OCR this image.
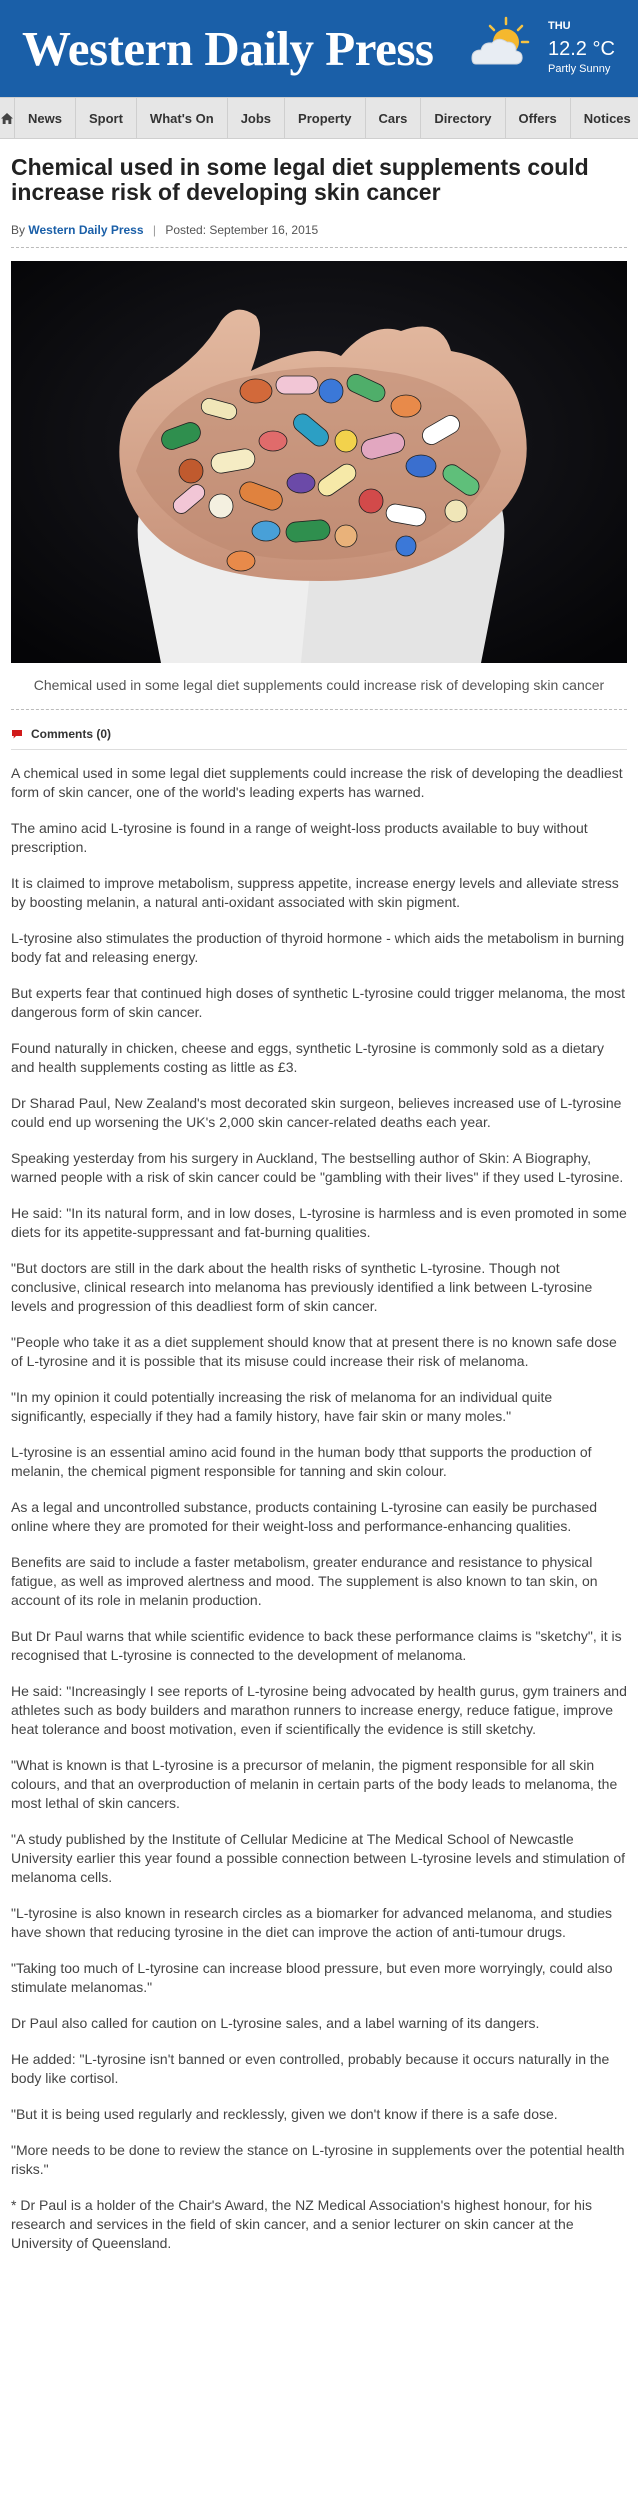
Western Daily Press	THU
12.2 °C
Partly Sunny
News	Sport	What's On	Jobs	Property	Cars	Directory	Offers	Notices
Chemical used in some legal diet supplements could increase risk of developing skin cancer
By Western Daily Press | Posted: September 16, 2015
Chemical used in some legal diet supplements could increase risk of developing skin cancer
Comments (0)

A chemical used in some legal diet supplements could increase the risk of developing the deadliest form of skin cancer, one of the world's leading experts has warned.

The amino acid L-tyrosine is found in a range of weight-loss products available to buy without prescription.

It is claimed to improve metabolism, suppress appetite, increase energy levels and alleviate stress by boosting melanin, a natural anti-oxidant associated with skin pigment.

L-tyrosine also stimulates the production of thyroid hormone - which aids the metabolism in burning body fat and releasing energy.

But experts fear that continued high doses of synthetic L-tyrosine could trigger melanoma, the most dangerous form of skin cancer.

Found naturally in chicken, cheese and eggs, synthetic L-tyrosine is commonly sold as a dietary and health supplements costing as little as £3.

Dr Sharad Paul, New Zealand's most decorated skin surgeon, believes increased use of L-tyrosine could end up worsening the UK's 2,000 skin cancer-related deaths each year.

Speaking yesterday from his surgery in Auckland, The bestselling author of Skin: A Biography, warned people with a risk of skin cancer could be "gambling with their lives" if they used L-tyrosine.

He said: "In its natural form, and in low doses, L-tyrosine is harmless and is even promoted in some diets for its appetite-suppressant and fat-burning qualities.

"But doctors are still in the dark about the health risks of synthetic L-tyrosine. Though not conclusive, clinical research into melanoma has previously identified a link between L-tyrosine levels and progression of this deadliest form of skin cancer.

"People who take it as a diet supplement should know that at present there is no known safe dose of L-tyrosine and it is possible that its misuse could increase their risk of melanoma.

"In my opinion it could potentially increasing the risk of melanoma for an individual quite significantly, especially if they had a family history, have fair skin or many moles."

L-tyrosine is an essential amino acid found in the human body tthat supports the production of melanin, the chemical pigment responsible for tanning and skin colour.

As a legal and uncontrolled substance, products containing L-tyrosine can easily be purchased online where they are promoted for their weight-loss and performance-enhancing qualities.

Benefits are said to include a faster metabolism, greater endurance and resistance to physical fatigue, as well as improved alertness and mood. The supplement is also known to tan skin, on account of its role in melanin production.

But Dr Paul warns that while scientific evidence to back these performance claims is "sketchy", it is recognised that L-tyrosine is connected to the development of melanoma.

He said: "Increasingly I see reports of L-tyrosine being advocated by health gurus, gym trainers and athletes such as body builders and marathon runners to increase energy, reduce fatigue, improve heat tolerance and boost motivation, even if scientifically the evidence is still sketchy.

"What is known is that L-tyrosine is a precursor of melanin, the pigment responsible for all skin colours, and that an overproduction of melanin in certain parts of the body leads to melanoma, the most lethal of skin cancers.

"A study published by the Institute of Cellular Medicine at The Medical School of Newcastle University earlier this year found a possible connection between L-tyrosine levels and stimulation of melanoma cells.

"L-tyrosine is also known in research circles as a biomarker for advanced melanoma, and studies have shown that reducing tyrosine in the diet can improve the action of anti-tumour drugs.

"Taking too much of L-tyrosine can increase blood pressure, but even more worryingly, could also stimulate melanomas."

Dr Paul also called for caution on L-tyrosine sales, and a label warning of its dangers.

He added: "L-tyrosine isn't banned or even controlled, probably because it occurs naturally in the body like cortisol.

"But it is being used regularly and recklessly, given we don't know if there is a safe dose.

"More needs to be done to review the stance on L-tyrosine in supplements over the potential health risks."

* Dr Paul is a holder of the Chair's Award, the NZ Medical Association's highest honour, for his research and services in the field of skin cancer, and a senior lecturer on skin cancer at the University of Queensland.
